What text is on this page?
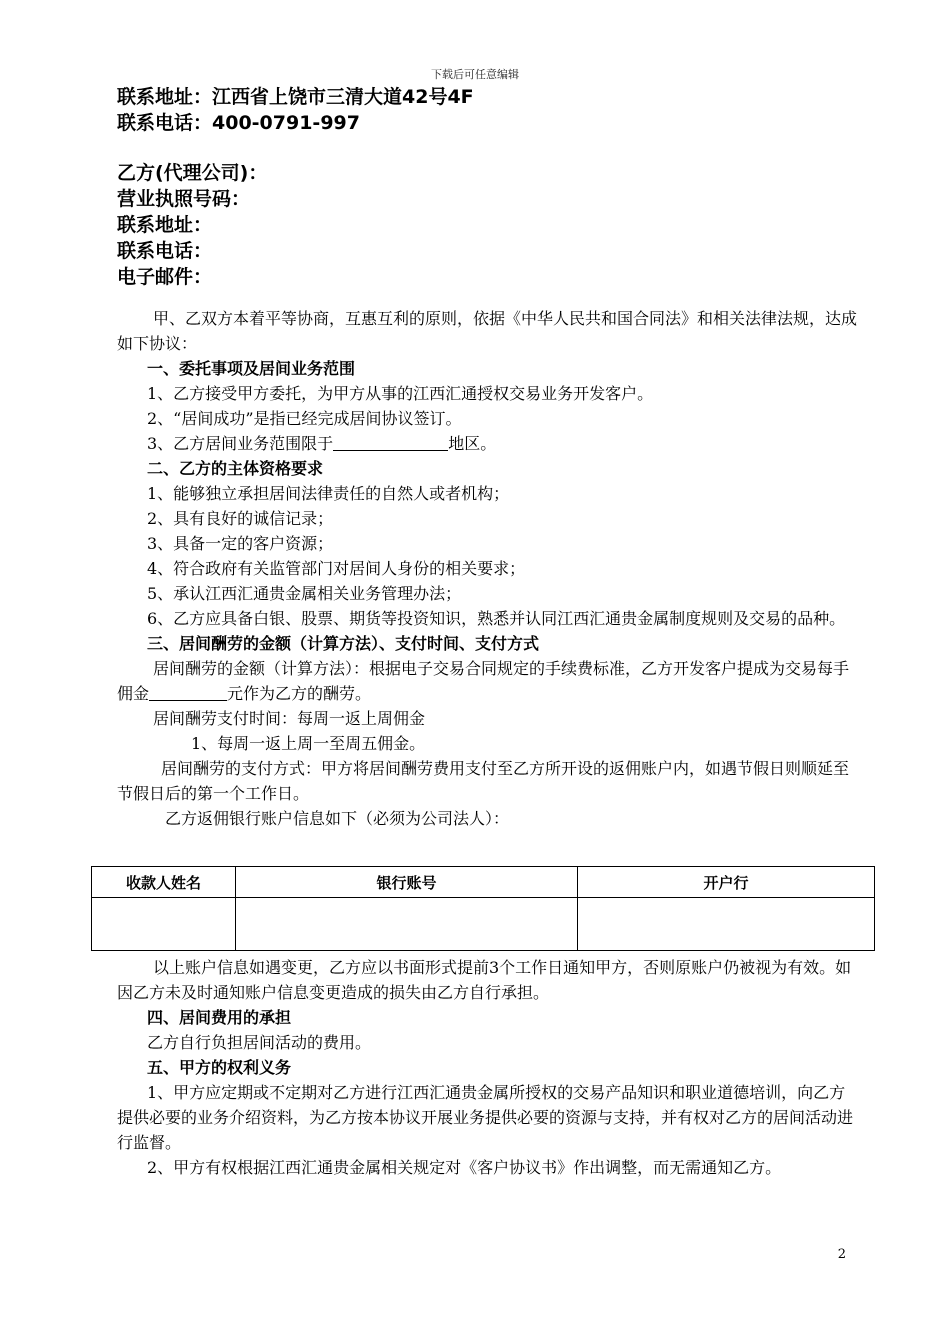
下载后可任意编辑
联系地址：江西省上饶市三清大道42号4F
联系电话：400-0791-997
乙方(代理公司)：
营业执照号码：
联系地址：
联系电话：
电子邮件：

甲、乙双方本着平等协商，互惠互利的原则，依据《中华人民共和国合同法》和相关法律法规，达成如下协议：

一、委托事项及居间业务范围

1、乙方接受甲方委托，为甲方从事的江西汇通授权交易业务开发客户。

2、“居间成功”是指已经完成居间协议签订。

3、乙方居间业务范围限于	地区。

二、乙方的主体资格要求

1、能够独立承担居间法律责任的自然人或者机构；

2、具有良好的诚信记录；

3、具备一定的客户资源；

4、符合政府有关监管部门对居间人身份的相关要求；

5、承认江西汇通贵金属相关业务管理办法；

6、乙方应具备白银、股票、期货等投资知识，熟悉并认同江西汇通贵金属制度规则及交易的品种。

三、居间酬劳的金额（计算方法）、支付时间、支付方式

居间酬劳的金额（计算方法）：根据电子交易合同规定的手续费标准，乙方开发客户提成为交易每手佣金	元作为乙方的酬劳。

居间酬劳支付时间：每周一返上周佣金

1、每周一返上周一至周五佣金。

居间酬劳的支付方式：甲方将居间酬劳费用支付至乙方所开设的返佣账户内，如遇节假日则顺延至节假日后的第一个工作日。

乙方返佣银行账户信息如下（必须为公司法人）：

收款人姓名	银行账号	开户行

以上账户信息如遇变更，乙方应以书面形式提前3个工作日通知甲方，否则原账户仍被视为有效。如因乙方未及时通知账户信息变更造成的损失由乙方自行承担。

四、居间费用的承担

乙方自行负担居间活动的费用。

五、甲方的权利义务

1、甲方应定期或不定期对乙方进行江西汇通贵金属所授权的交易产品知识和职业道德培训，向乙方提供必要的业务介绍资料，为乙方按本协议开展业务提供必要的资源与支持，并有权对乙方的居间活动进行监督。

2、甲方有权根据江西汇通贵金属相关规定对《客户协议书》作出调整，而无需通知乙方。

2
